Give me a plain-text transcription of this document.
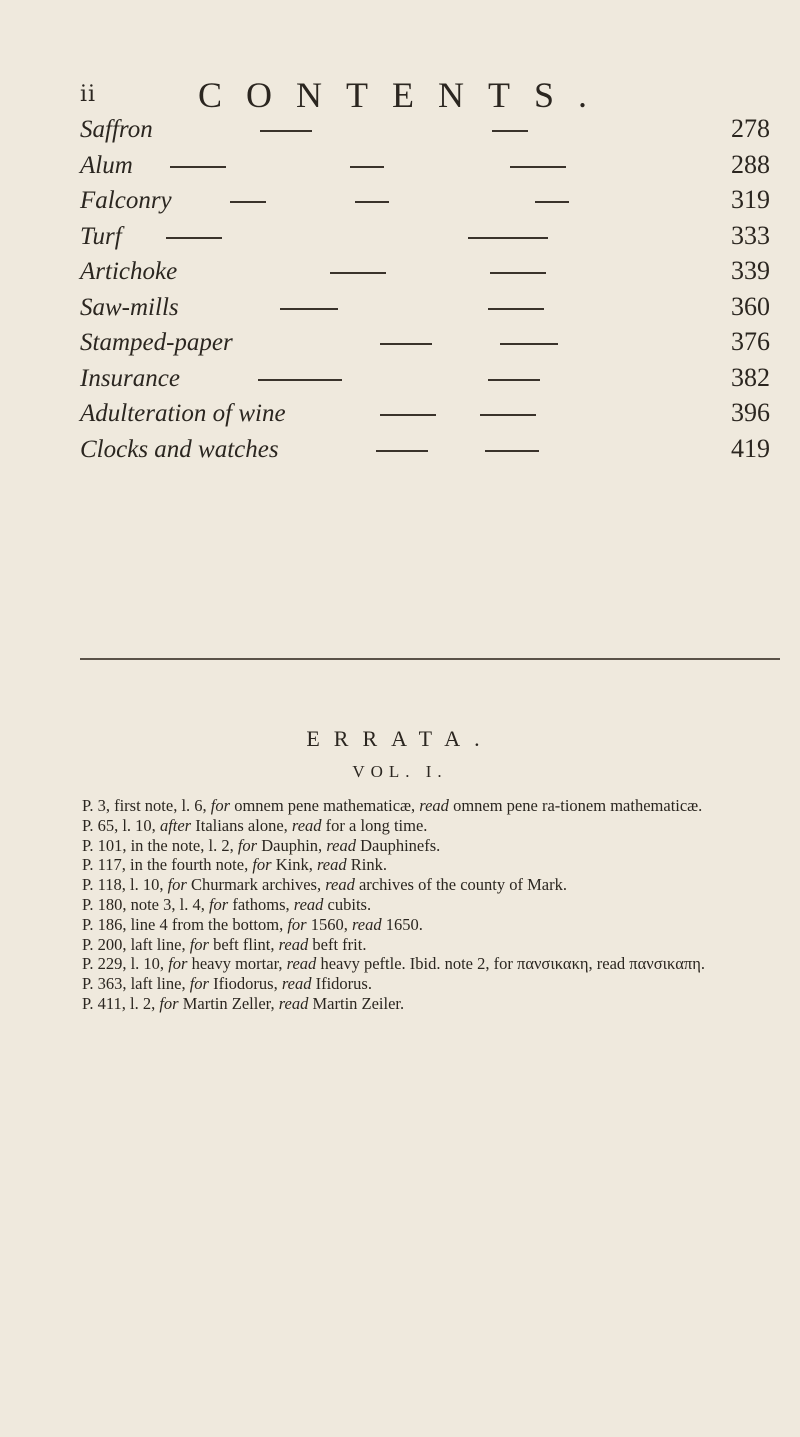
ii	CONTENTS.
Saffron	278
Alum	288
Falconry	319
Turf	333
Artichoke	339
Saw-mills	360
Stamped-paper	376
Insurance	382
Adulteration of wine	396
Clocks and watches	419
ERRATA.
VOL. I.
P. 3, first note, l. 6, for omnem pene mathematicæ, read omnem pene ra-tionem mathematicæ.
P. 65, l. 10, after Italians alone, read for a long time.
P. 101, in the note, l. 2, for Dauphin, read Dauphinefs.
P. 117, in the fourth note, for Kink, read Rink.
P. 118, l. 10, for Churmark archives, read archives of the county of Mark.
P. 180, note 3, l. 4, for fathoms, read cubits.
P. 186, line 4 from the bottom, for 1560, read 1650.
P. 200, laft line, for beft flint, read beft frit.
P. 229, l. 10, for heavy mortar, read heavy peftle. Ibid. note 2, for πανσικακη, read πανσικαπη.
P. 363, laft line, for Ifiodorus, read Ifidorus.
P. 411, l. 2, for Martin Zeller, read Martin Zeiler.
